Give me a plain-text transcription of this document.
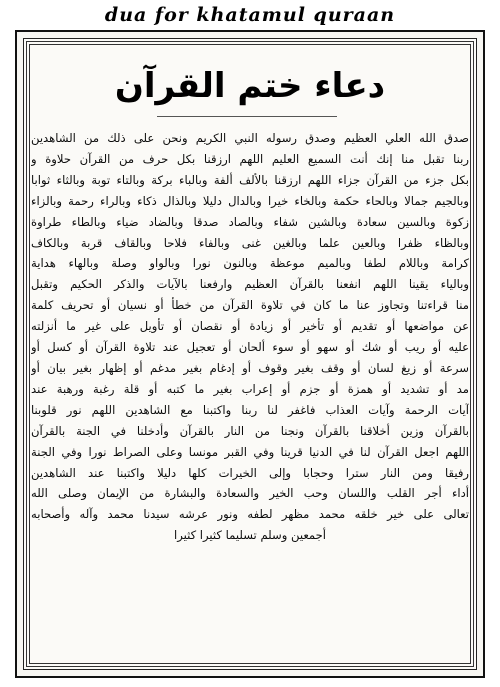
dua for khatamul quraan
دعاء ختم القرآن
صدق الله العلي العظيم وصدق رسوله النبي الكريم ونحن على ذلك من الشاهدين
ربنا تقبل منا إنك أنت السميع العليم اللهم ارزقنا بكل حرف من القرآن حلاوة و
بكل جزء من القرآن جزاء اللهم ارزقنا بالألف ألفة وبالباء بركة وبالتاء توبة وبالثاء ثوابا
وبالجيم جمالا وبالحاء حكمة وبالخاء خيرا وبالدال دليلا وبالذال ذكاء وبالراء رحمة وبالزاء
زكوة وبالسين سعادة وبالشين شفاء وبالصاد صدقا وبالضاد ضياء وبالطاء طراوة
وبالظاء ظفرا وبالعين علما وبالغين غنى وبالفاء فلاحا وبالقاف قربة وبالكاف
كرامة وباللام لطفا وبالميم موعظة وبالنون نورا وبالواو وصلة وبالهاء هداية
وبالياء يقينا اللهم انفعنا بالقرآن العظيم وارفعنا بالآيات والذكر الحكيم وتقبل
منا قراءتنا وتجاوز عنا ما كان في تلاوة القرآن من خطأ أو نسيان أو تحريف كلمة
عن مواضعها أو تقديم أو تأخير أو زيادة أو نقصان أو تأويل على غير ما أنزلته
عليه أو ريب أو شك أو سهو أو سوء ألحان أو تعجيل عند تلاوة القرآن أو كسل أو
سرعة أو زيغ لسان أو وقف بغير وقوف أو إدغام بغير مدغم أو إظهار بغير بيان أو
مد أو تشديد أو همزة أو جزم أو إعراب بغير ما كتبه أو قلة رغبة ورهبة عند
آيات الرحمة وآيات العذاب فاغفر لنا ربنا واكتبنا مع الشاهدين اللهم نور قلوبنا
بالقرآن وزين أخلاقنا بالقرآن ونجنا من النار بالقرآن وأدخلنا في الجنة بالقرآن
اللهم اجعل القرآن لنا في الدنيا قرينا وفي القبر مونسا وعلى الصراط نورا وفي الجنة
رفيقا ومن النار سترا وحجابا وإلى الخيرات كلها دليلا واكتبنا عند الشاهدين
أداء أجر القلب واللسان وحب الخير والسعادة والبشارة من الإيمان وصلى الله
تعالى على خير خلقه محمد مظهر لطفه ونور عرشه سيدنا محمد وآله وأصحابه
أجمعين وسلم تسليما كثيرا كثيرا
